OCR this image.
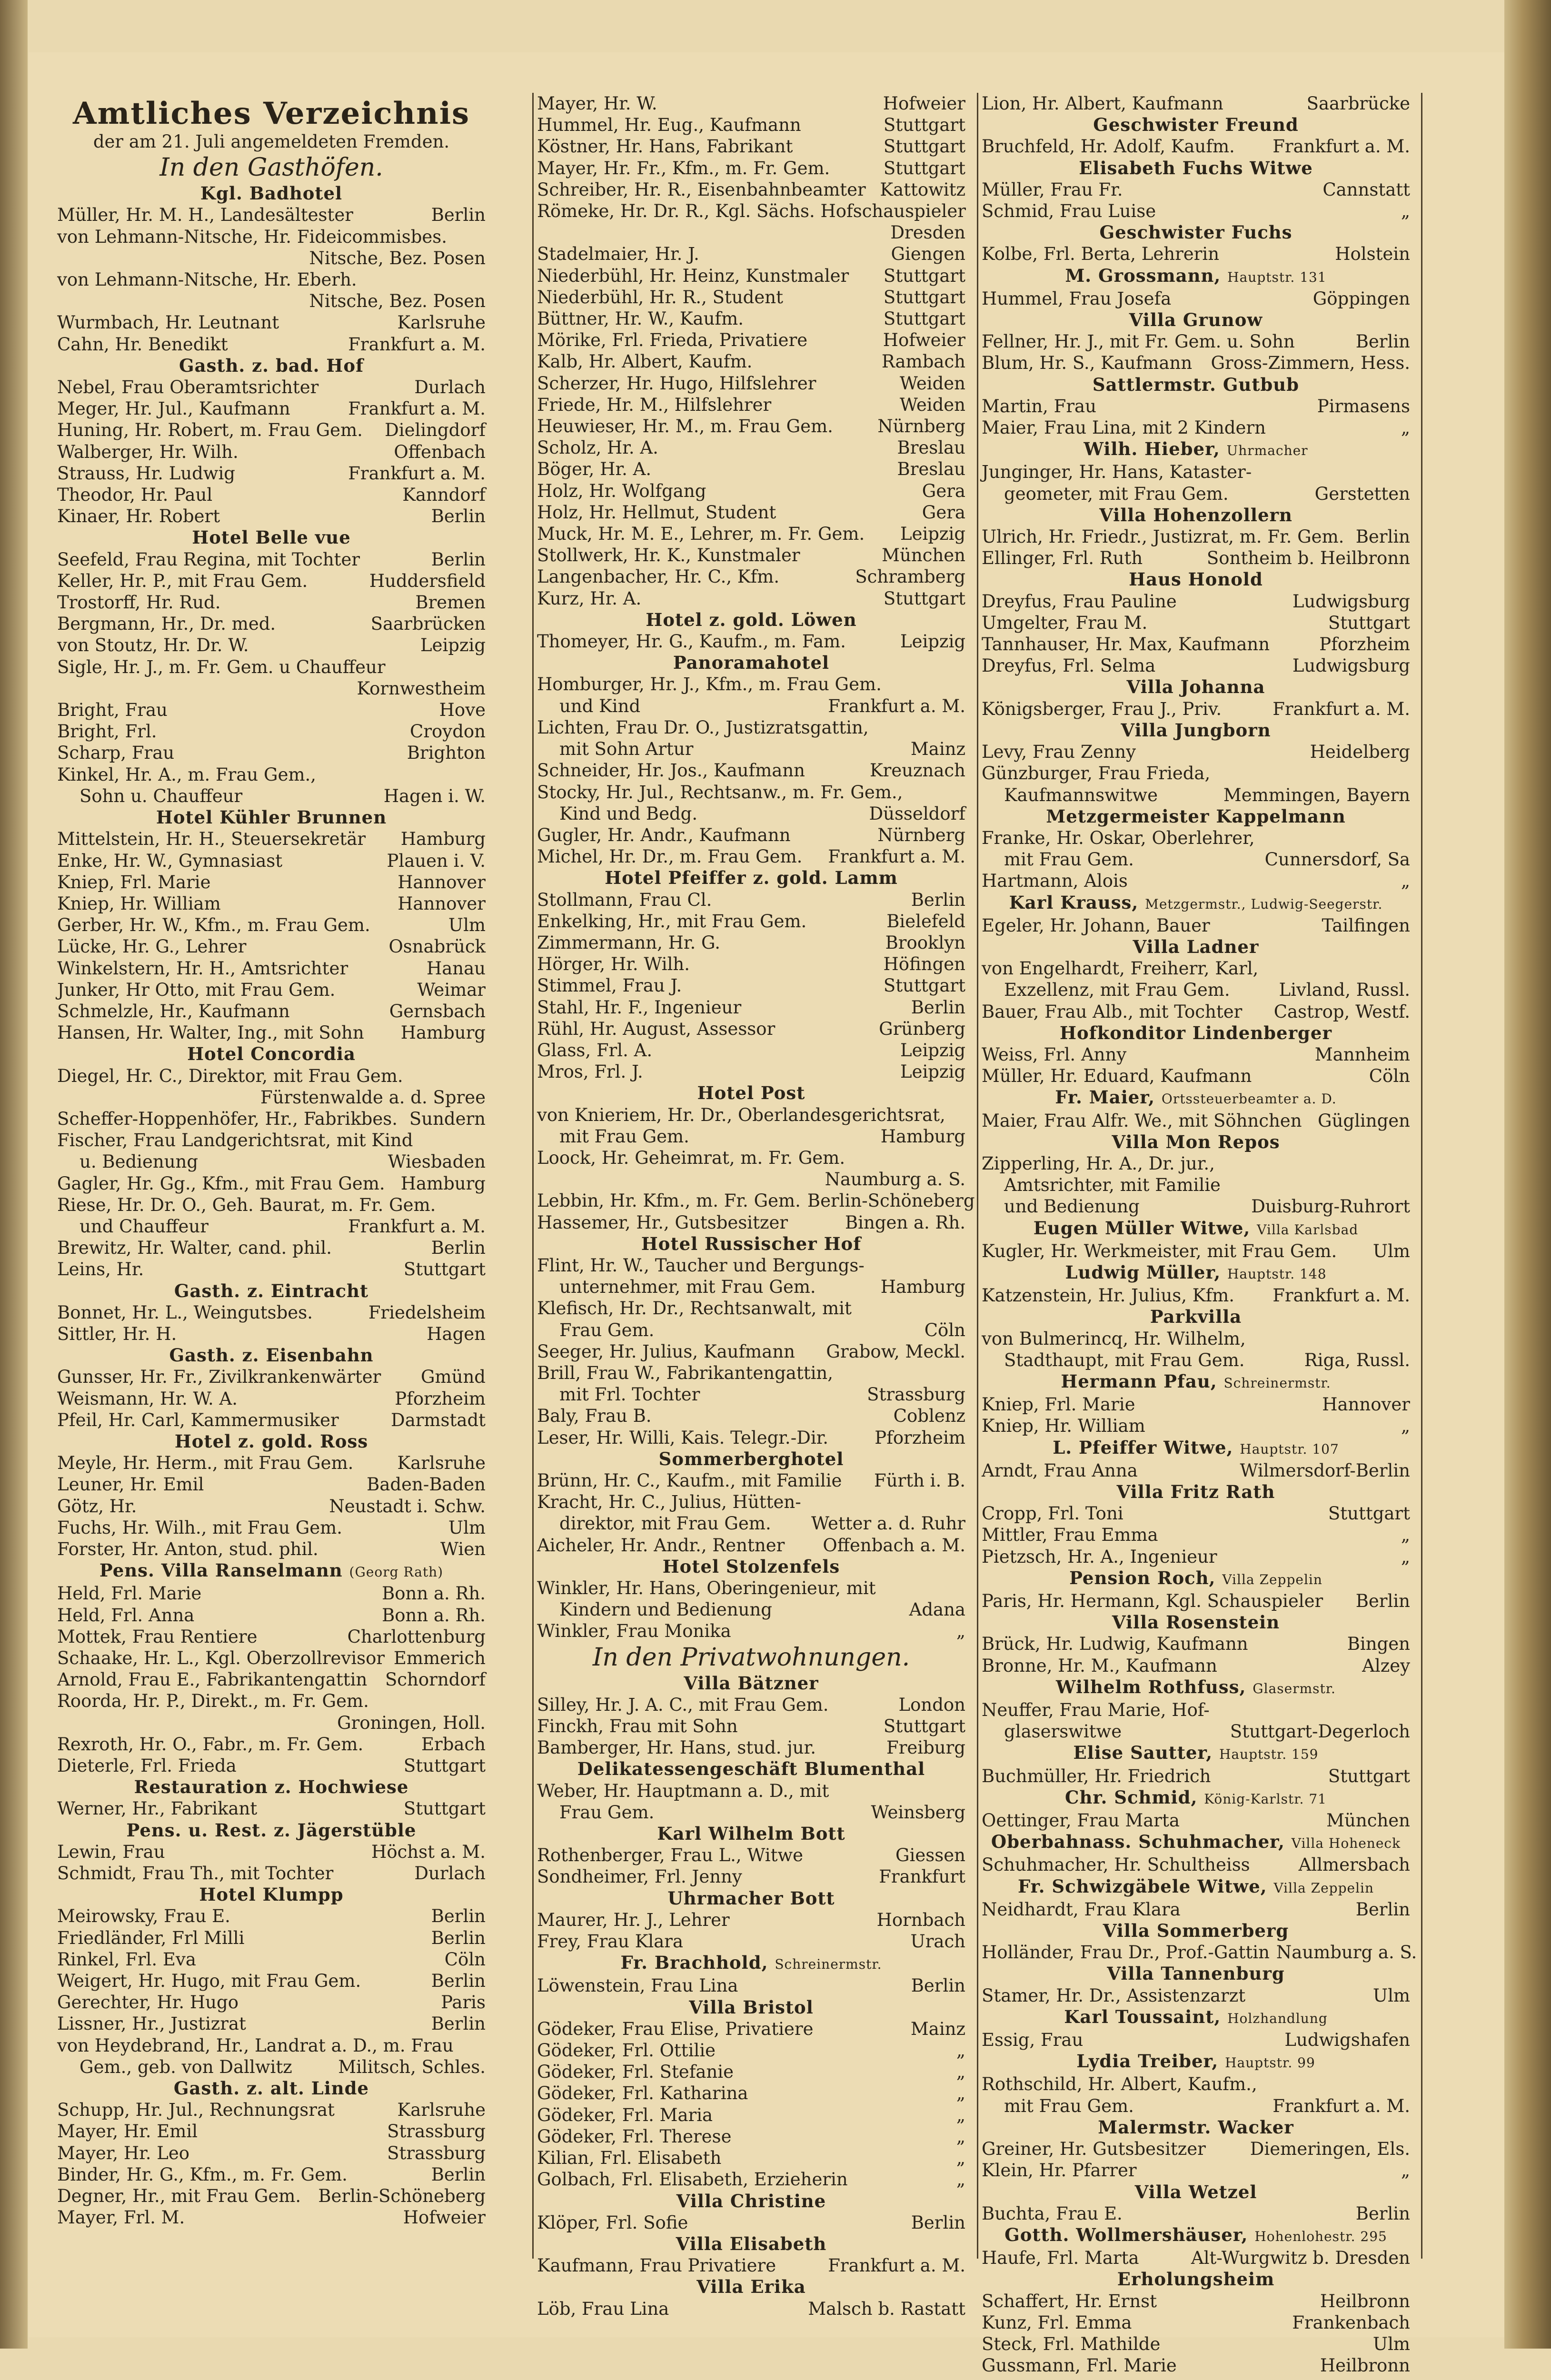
Amtliches Verzeichnis
der am 21. Juli angemeldeten Fremden.
In den Gasthöfen.
Kgl. Badhotel
Müller, Hr. M. H., Landesältester	Berlin
von Lehmann-Nitsche, Hr. Fideicommisbes.
Nitsche, Bez. Posen
von Lehmann-Nitsche, Hr. Eberh.
Nitsche, Bez. Posen
Wurmbach, Hr. Leutnant	Karlsruhe
Cahn, Hr. Benedikt	Frankfurt a. M.
Gasth. z. bad. Hof
Nebel, Frau Oberamtsrichter	Durlach
Meger, Hr. Jul., Kaufmann	Frankfurt a. M.
Huning, Hr. Robert, m. Frau Gem.	Dielingdorf
Walberger, Hr. Wilh.	Offenbach
Strauss, Hr. Ludwig	Frankfurt a. M.
Theodor, Hr. Paul	Kanndorf
Kinaer, Hr. Robert	Berlin
Hotel Belle vue
Seefeld, Frau Regina, mit Tochter	Berlin
Keller, Hr. P., mit Frau Gem.	Huddersfield
Trostorff, Hr. Rud.	Bremen
Bergmann, Hr., Dr. med.	Saarbrücken
von Stoutz, Hr. Dr. W.	Leipzig
Sigle, Hr. J., m. Fr. Gem. u Chauffeur
Kornwestheim
Bright, Frau	Hove
Bright, Frl.	Croydon
Scharp, Frau	Brighton
Kinkel, Hr. A., m. Frau Gem.,
Sohn u. Chauffeur	Hagen i. W.
Hotel Kühler Brunnen
Mittelstein, Hr. H., Steuersekretär	Hamburg
Enke, Hr. W., Gymnasiast	Plauen i. V.
Kniep, Frl. Marie	Hannover
Kniep, Hr. William	Hannover
Gerber, Hr. W., Kfm., m. Frau Gem.	Ulm
Lücke, Hr. G., Lehrer	Osnabrück
Winkelstern, Hr. H., Amtsrichter	Hanau
Junker, Hr Otto, mit Frau Gem.	Weimar
Schmelzle, Hr., Kaufmann	Gernsbach
Hansen, Hr. Walter, Ing., mit Sohn	Hamburg
Hotel Concordia
Diegel, Hr. C., Direktor, mit Frau Gem.
Fürstenwalde a. d. Spree
Scheffer-Hoppenhöfer, Hr., Fabrikbes. Sundern
Fischer, Frau Landgerichtsrat, mit Kind
u. Bedienung	Wiesbaden
Gagler, Hr. Gg., Kfm., mit Frau Gem. Hamburg
Riese, Hr. Dr. O., Geh. Baurat, m. Fr. Gem.
und Chauffeur	Frankfurt a. M.
Brewitz, Hr. Walter, cand. phil.	Berlin
Leins, Hr.	Stuttgart
Gasth. z. Eintracht
Bonnet, Hr. L., Weingutsbes.	Friedelsheim
Sittler, Hr. H.	Hagen
Gasth. z. Eisenbahn
Gunsser, Hr. Fr., Zivilkrankenwärter	Gmünd
Weismann, Hr. W. A.	Pforzheim
Pfeil, Hr. Carl, Kammermusiker	Darmstadt
Hotel z. gold. Ross
Meyle, Hr. Herm., mit Frau Gem.	Karlsruhe
Leuner, Hr. Emil	Baden-Baden
Götz, Hr.	Neustadt i. Schw.
Fuchs, Hr. Wilh., mit Frau Gem.	Ulm
Forster, Hr. Anton, stud. phil.	Wien
Pens. Villa Ranselmann (Georg Rath)
Held, Frl. Marie	Bonn a. Rh.
Held, Frl. Anna	Bonn a. Rh.
Mottek, Frau Rentiere	Charlottenburg
Schaake, Hr. L., Kgl. Oberzollrevisor Emmerich
Arnold, Frau E., Fabrikantengattin	Schorndorf
Roorda, Hr. P., Direkt., m. Fr. Gem.
Groningen, Holl.
Rexroth, Hr. O., Fabr., m. Fr. Gem.	Erbach
Dieterle, Frl. Frieda	Stuttgart
Restauration z. Hochwiese
Werner, Hr., Fabrikant	Stuttgart
Pens. u. Rest. z. Jägerstüble
Lewin, Frau	Höchst a. M.
Schmidt, Frau Th., mit Tochter	Durlach
Hotel Klumpp
Meirowsky, Frau E.	Berlin
Friedländer, Frl Milli	Berlin
Rinkel, Frl. Eva	Cöln
Weigert, Hr. Hugo, mit Frau Gem.	Berlin
Gerechter, Hr. Hugo	Paris
Lissner, Hr., Justizrat	Berlin
von Heydebrand, Hr., Landrat a. D., m. Frau
Gem., geb. von Dallwitz	Militsch, Schles.
Gasth. z. alt. Linde
Schupp, Hr. Jul., Rechnungsrat	Karlsruhe
Mayer, Hr. Emil	Strassburg
Mayer, Hr. Leo	Strassburg
Binder, Hr. G., Kfm., m. Fr. Gem.	Berlin
Degner, Hr., mit Frau Gem. Berlin-Schöneberg
Mayer, Frl. M.	Hofweier
Mayer, Hr. W.	Hofweier
Hummel, Hr. Eug., Kaufmann	Stuttgart
Köstner, Hr. Hans, Fabrikant	Stuttgart
Mayer, Hr. Fr., Kfm., m. Fr. Gem.	Stuttgart
Schreiber, Hr. R., Eisenbahnbeamter Kattowitz
Römeke, Hr. Dr. R., Kgl. Sächs. Hofschauspieler
Dresden
Stadelmaier, Hr. J.	Giengen
Niederbühl, Hr. Heinz, Kunstmaler	Stuttgart
Niederbühl, Hr. R., Student	Stuttgart
Büttner, Hr. W., Kaufm.	Stuttgart
Mörike, Frl. Frieda, Privatiere	Hofweier
Kalb, Hr. Albert, Kaufm.	Rambach
Scherzer, Hr. Hugo, Hilfslehrer	Weiden
Friede, Hr. M., Hilfslehrer	Weiden
Heuwieser, Hr. M., m. Frau Gem.	Nürnberg
Scholz, Hr. A.	Breslau
Böger, Hr. A.	Breslau
Holz, Hr. Wolfgang	Gera
Holz, Hr. Hellmut, Student	Gera
Muck, Hr. M. E., Lehrer, m. Fr. Gem.	Leipzig
Stollwerk, Hr. K., Kunstmaler	München
Langenbacher, Hr. C., Kfm.	Schramberg
Kurz, Hr. A.	Stuttgart
Hotel z. gold. Löwen
Thomeyer, Hr. G., Kaufm., m. Fam.	Leipzig
Panoramahotel
Homburger, Hr. J., Kfm., m. Frau Gem.
und Kind	Frankfurt a. M.
Lichten, Frau Dr. O., Justizratsgattin,
mit Sohn Artur	Mainz
Schneider, Hr. Jos., Kaufmann	Kreuznach
Stocky, Hr. Jul., Rechtsanw., m. Fr. Gem.,
Kind und Bedg.	Düsseldorf
Gugler, Hr. Andr., Kaufmann	Nürnberg
Michel, Hr. Dr., m. Frau Gem.	Frankfurt a. M.
Hotel Pfeiffer z. gold. Lamm
Stollmann, Frau Cl.	Berlin
Enkelking, Hr., mit Frau Gem.	Bielefeld
Zimmermann, Hr. G.	Brooklyn
Hörger, Hr. Wilh.	Höfingen
Stimmel, Frau J.	Stuttgart
Stahl, Hr. F., Ingenieur	Berlin
Rühl, Hr. August, Assessor	Grünberg
Glass, Frl. A.	Leipzig
Mros, Frl. J.	Leipzig
Hotel Post
von Knieriem, Hr. Dr., Oberlandesgerichtsrat,
mit Frau Gem.	Hamburg
Loock, Hr. Geheimrat, m. Fr. Gem.
Naumburg a. S.
Lebbin, Hr. Kfm., m. Fr. Gem. Berlin-Schöneberg
Hassemer, Hr., Gutsbesitzer	Bingen a. Rh.
Hotel Russischer Hof
Flint, Hr. W., Taucher und Bergungs-
unternehmer, mit Frau Gem.	Hamburg
Klefisch, Hr. Dr., Rechtsanwalt, mit
Frau Gem.	Cöln
Seeger, Hr. Julius, Kaufmann	Grabow, Meckl.
Brill, Frau W., Fabrikantengattin,
mit Frl. Tochter	Strassburg
Baly, Frau B.	Coblenz
Leser, Hr. Willi, Kais. Telegr.-Dir.	Pforzheim
Sommerberghotel
Brünn, Hr. C., Kaufm., mit Familie	Fürth i. B.
Kracht, Hr. C., Julius, Hütten-
direktor, mit Frau Gem.	Wetter a. d. Ruhr
Aicheler, Hr. Andr., Rentner	Offenbach a. M.
Hotel Stolzenfels
Winkler, Hr. Hans, Oberingenieur, mit
Kindern und Bedienung	Adana
Winkler, Frau Monika	„
In den Privatwohnungen.
Villa Bätzner
Silley, Hr. J. A. C., mit Frau Gem.	London
Finckh, Frau mit Sohn	Stuttgart
Bamberger, Hr. Hans, stud. jur.	Freiburg
Delikatessengeschäft Blumenthal
Weber, Hr. Hauptmann a. D., mit
Frau Gem.	Weinsberg
Karl Wilhelm Bott
Rothenberger, Frau L., Witwe	Giessen
Sondheimer, Frl. Jenny	Frankfurt
Uhrmacher Bott
Maurer, Hr. J., Lehrer	Hornbach
Frey, Frau Klara	Urach
Fr. Brachhold, Schreinermstr.
Löwenstein, Frau Lina	Berlin
Villa Bristol
Gödeker, Frau Elise, Privatiere	Mainz
Gödeker, Frl. Ottilie	„
Gödeker, Frl. Stefanie	„
Gödeker, Frl. Katharina	„
Gödeker, Frl. Maria	„
Gödeker, Frl. Therese	„
Kilian, Frl. Elisabeth	„
Golbach, Frl. Elisabeth, Erzieherin	„
Villa Christine
Klöper, Frl. Sofie	Berlin
Villa Elisabeth
Kaufmann, Frau Privatiere	Frankfurt a. M.
Villa Erika
Löb, Frau Lina	Malsch b. Rastatt
Lion, Hr. Albert, Kaufmann	Saarbrücke
Geschwister Freund
Bruchfeld, Hr. Adolf, Kaufm.	Frankfurt a. M.
Elisabeth Fuchs Witwe
Müller, Frau Fr.	Cannstatt
Schmid, Frau Luise	„
Geschwister Fuchs
Kolbe, Frl. Berta, Lehrerin	Holstein
M. Grossmann, Hauptstr. 131
Hummel, Frau Josefa	Göppingen
Villa Grunow
Fellner, Hr. J., mit Fr. Gem. u. Sohn	Berlin
Blum, Hr. S., Kaufmann	Gross-Zimmern, Hess.
Sattlermstr. Gutbub
Martin, Frau	Pirmasens
Maier, Frau Lina, mit 2 Kindern	„
Wilh. Hieber, Uhrmacher
Junginger, Hr. Hans, Kataster-
geometer, mit Frau Gem.	Gerstetten
Villa Hohenzollern
Ulrich, Hr. Friedr., Justizrat, m. Fr. Gem. Berlin
Ellinger, Frl. Ruth	Sontheim b. Heilbronn
Haus Honold
Dreyfus, Frau Pauline	Ludwigsburg
Umgelter, Frau M.	Stuttgart
Tannhauser, Hr. Max, Kaufmann	Pforzheim
Dreyfus, Frl. Selma	Ludwigsburg
Villa Johanna
Königsberger, Frau J., Priv.	Frankfurt a. M.
Villa Jungborn
Levy, Frau Zenny	Heidelberg
Günzburger, Frau Frieda,
Kaufmannswitwe	Memmingen, Bayern
Metzgermeister Kappelmann
Franke, Hr. Oskar, Oberlehrer,
mit Frau Gem.	Cunnersdorf, Sa
Hartmann, Alois	„
Karl Krauss, Metzgermstr., Ludwig-Seegerstr.
Egeler, Hr. Johann, Bauer	Tailfingen
Villa Ladner
von Engelhardt, Freiherr, Karl,
Exzellenz, mit Frau Gem.	Livland, Russl.
Bauer, Frau Alb., mit Tochter	Castrop, Westf.
Hofkonditor Lindenberger
Weiss, Frl. Anny	Mannheim
Müller, Hr. Eduard, Kaufmann	Cöln
Fr. Maier, Ortssteuerbeamter a. D.
Maier, Frau Alfr. We., mit Söhnchen Güglingen
Villa Mon Repos
Zipperling, Hr. A., Dr. jur.,
Amtsrichter, mit Familie
und Bedienung	Duisburg-Ruhrort
Eugen Müller Witwe, Villa Karlsbad
Kugler, Hr. Werkmeister, mit Frau Gem.	Ulm
Ludwig Müller, Hauptstr. 148
Katzenstein, Hr. Julius, Kfm.	Frankfurt a. M.
Parkvilla
von Bulmerincq, Hr. Wilhelm,
Stadthaupt, mit Frau Gem.	Riga, Russl.
Hermann Pfau, Schreinermstr.
Kniep, Frl. Marie	Hannover
Kniep, Hr. William	„
L. Pfeiffer Witwe, Hauptstr. 107
Arndt, Frau Anna	Wilmersdorf-Berlin
Villa Fritz Rath
Cropp, Frl. Toni	Stuttgart
Mittler, Frau Emma	„
Pietzsch, Hr. A., Ingenieur	„
Pension Roch, Villa Zeppelin
Paris, Hr. Hermann, Kgl. Schauspieler	Berlin
Villa Rosenstein
Brück, Hr. Ludwig, Kaufmann	Bingen
Bronne, Hr. M., Kaufmann	Alzey
Wilhelm Rothfuss, Glasermstr.
Neuffer, Frau Marie, Hof-
glaserswitwe	Stuttgart-Degerloch
Elise Sautter, Hauptstr. 159
Buchmüller, Hr. Friedrich	Stuttgart
Chr. Schmid, König-Karlstr. 71
Oettinger, Frau Marta	München
Oberbahnass. Schuhmacher, Villa Hoheneck
Schuhmacher, Hr. Schultheiss	Allmersbach
Fr. Schwizgäbele Witwe, Villa Zeppelin
Neidhardt, Frau Klara	Berlin
Villa Sommerberg
Holländer, Frau Dr., Prof.-Gattin Naumburg a. S.
Villa Tannenburg
Stamer, Hr. Dr., Assistenzarzt	Ulm
Karl Toussaint, Holzhandlung
Essig, Frau	Ludwigshafen
Lydia Treiber, Hauptstr. 99
Rothschild, Hr. Albert, Kaufm.,
mit Frau Gem.	Frankfurt a. M.
Malermstr. Wacker
Greiner, Hr. Gutsbesitzer	Diemeringen, Els.
Klein, Hr. Pfarrer	„
Villa Wetzel
Buchta, Frau E.	Berlin
Gotth. Wollmershäuser, Hohenlohestr. 295
Haufe, Frl. Marta	Alt-Wurgwitz b. Dresden
Erholungsheim
Schaffert, Hr. Ernst	Heilbronn
Kunz, Frl. Emma	Frankenbach
Steck, Frl. Mathilde	Ulm
Gussmann, Frl. Marie	Heilbronn
